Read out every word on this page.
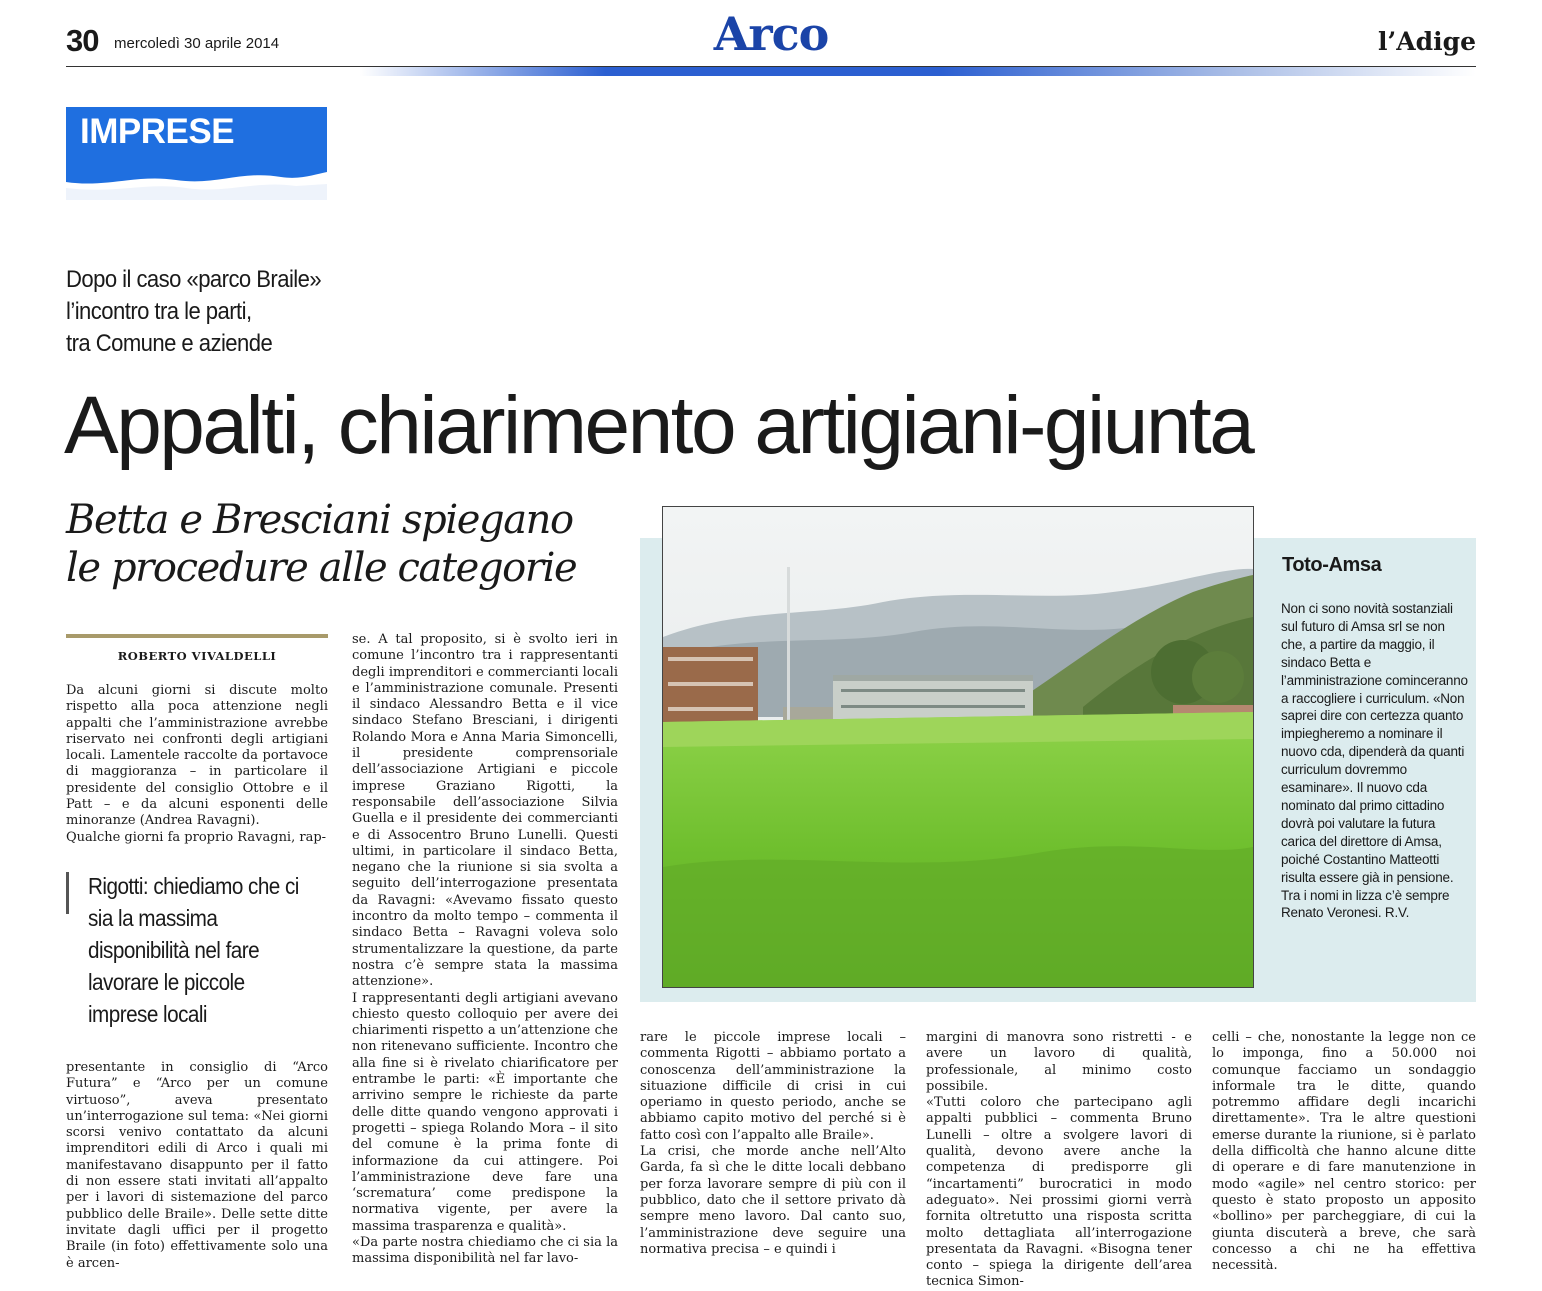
30 mercoledì 30 aprile 2014	Arco	l’Adige
IMPRESE
Dopo il caso «parco Braile»
l’incontro tra le parti,
tra Comune e aziende
Appalti, chiarimento artigiani-giunta
Betta e Bresciani spiegano
le procedure alle categorie
ROBERTO VIVALDELLI

Da alcuni giorni si discute molto rispetto alla poca attenzione negli appalti che l’amministrazione avrebbe riservato nei confronti degli artigiani locali. Lamentele raccolte da portavoce di maggioranza – in particolare il presidente del consiglio Ottobre e il Patt – e da alcuni esponenti delle minoranze (Andrea Ravagni).

Qualche giorni fa proprio Ravagni, rap-

Rigotti: chiediamo che ci sia la massima disponibilità nel fare lavorare le piccole imprese locali

presentante in consiglio di “Arco Futura” e “Arco per un comune virtuoso”, aveva presentato un’interrogazione sul tema: «Nei giorni scorsi venivo contattato da alcuni imprenditori edili di Arco i quali mi manifestavano disappunto per il fatto di non essere stati invitati all’appalto per i lavori di sistemazione del parco pubblico delle Braile». Delle sette ditte invitate dagli uffici per il progetto Braile (in foto) effettivamente solo una è arcen-

se. A tal proposito, si è svolto ieri in comune l’incontro tra i rappresentanti degli imprenditori e commercianti locali e l’amministrazione comunale. Presenti il sindaco Alessandro Betta e il vice sindaco Stefano Bresciani, i dirigenti Rolando Mora e Anna Maria Simoncelli, il presidente comprensoriale dell’associazione Artigiani e piccole imprese Graziano Rigotti, la responsabile dell’associazione Silvia Guella e il presidente dei commercianti e di Assocentro Bruno Lunelli. Questi ultimi, in particolare il sindaco Betta, negano che la riunione si sia svolta a seguito dell’interrogazione presentata da Ravagni: «Avevamo fissato questo incontro da molto tempo – commenta il sindaco Betta – Ravagni voleva solo strumentalizzare la questione, da parte nostra c’è sempre stata la massima attenzione».

I rappresentanti degli artigiani avevano chiesto questo colloquio per avere dei chiarimenti rispetto a un’attenzione che non ritenevano sufficiente. Incontro che alla fine si è rivelato chiarificatore per entrambe le parti: «È importante che arrivino sempre le richieste da parte delle ditte quando vengono approvati i progetti – spiega Rolando Mora – il sito del comune è la prima fonte di informazione da cui attingere. Poi l’amministrazione deve fare una ‘scrematura’ come predispone la normativa vigente, per avere la massima trasparenza e qualità».

«Da parte nostra chiediamo che ci sia la massima disponibilità nel far lavo-

Toto-Amsa
Non ci sono novità sostanziali sul futuro di Amsa srl se non che, a partire da maggio, il sindaco Betta e l’amministrazione cominceranno a raccogliere i curriculum. «Non saprei dire con certezza quanto impiegheremo a nominare il nuovo cda, dipenderà da quanti curriculum dovremmo esaminare». Il nuovo cda nominato dal primo cittadino dovrà poi valutare la futura carica del direttore di Amsa, poiché Costantino Matteotti risulta essere già in pensione. Tra i nomi in lizza c’è sempre Renato Veronesi. R.V.

rare le piccole imprese locali – commenta Rigotti – abbiamo portato a conoscenza dell’amministrazione la situazione difficile di crisi in cui operiamo in questo periodo, anche se abbiamo capito motivo del perché si è fatto così con l’appalto alle Braile».

La crisi, che morde anche nell’Alto Garda, fa sì che le ditte locali debbano per forza lavorare sempre di più con il pubblico, dato che il settore privato dà sempre meno lavoro. Dal canto suo, l’amministrazione deve seguire una normativa precisa – e quindi i

margini di manovra sono ristretti - e avere un lavoro di qualità, professionale, al minimo costo possibile.

«Tutti coloro che partecipano agli appalti pubblici – commenta Bruno Lunelli – oltre a svolgere lavori di qualità, devono avere anche la competenza di predisporre gli “incartamenti” burocratici in modo adeguato». Nei prossimi giorni verrà fornita oltretutto una risposta scritta molto dettagliata all’interrogazione presentata da Ravagni. «Bisogna tener conto – spiega la dirigente dell’area tecnica Simon-

celli – che, nonostante la legge non ce lo imponga, fino a 50.000 noi comunque facciamo un sondaggio informale tra le ditte, quando potremmo affidare degli incarichi direttamente». Tra le altre questioni emerse durante la riunione, si è parlato della difficoltà che hanno alcune ditte di operare e di fare manutenzione in modo «agile» nel centro storico: per questo è stato proposto un apposito «bollino» per parcheggiare, di cui la giunta discuterà a breve, che sarà concesso a chi ne ha effettiva necessità.
